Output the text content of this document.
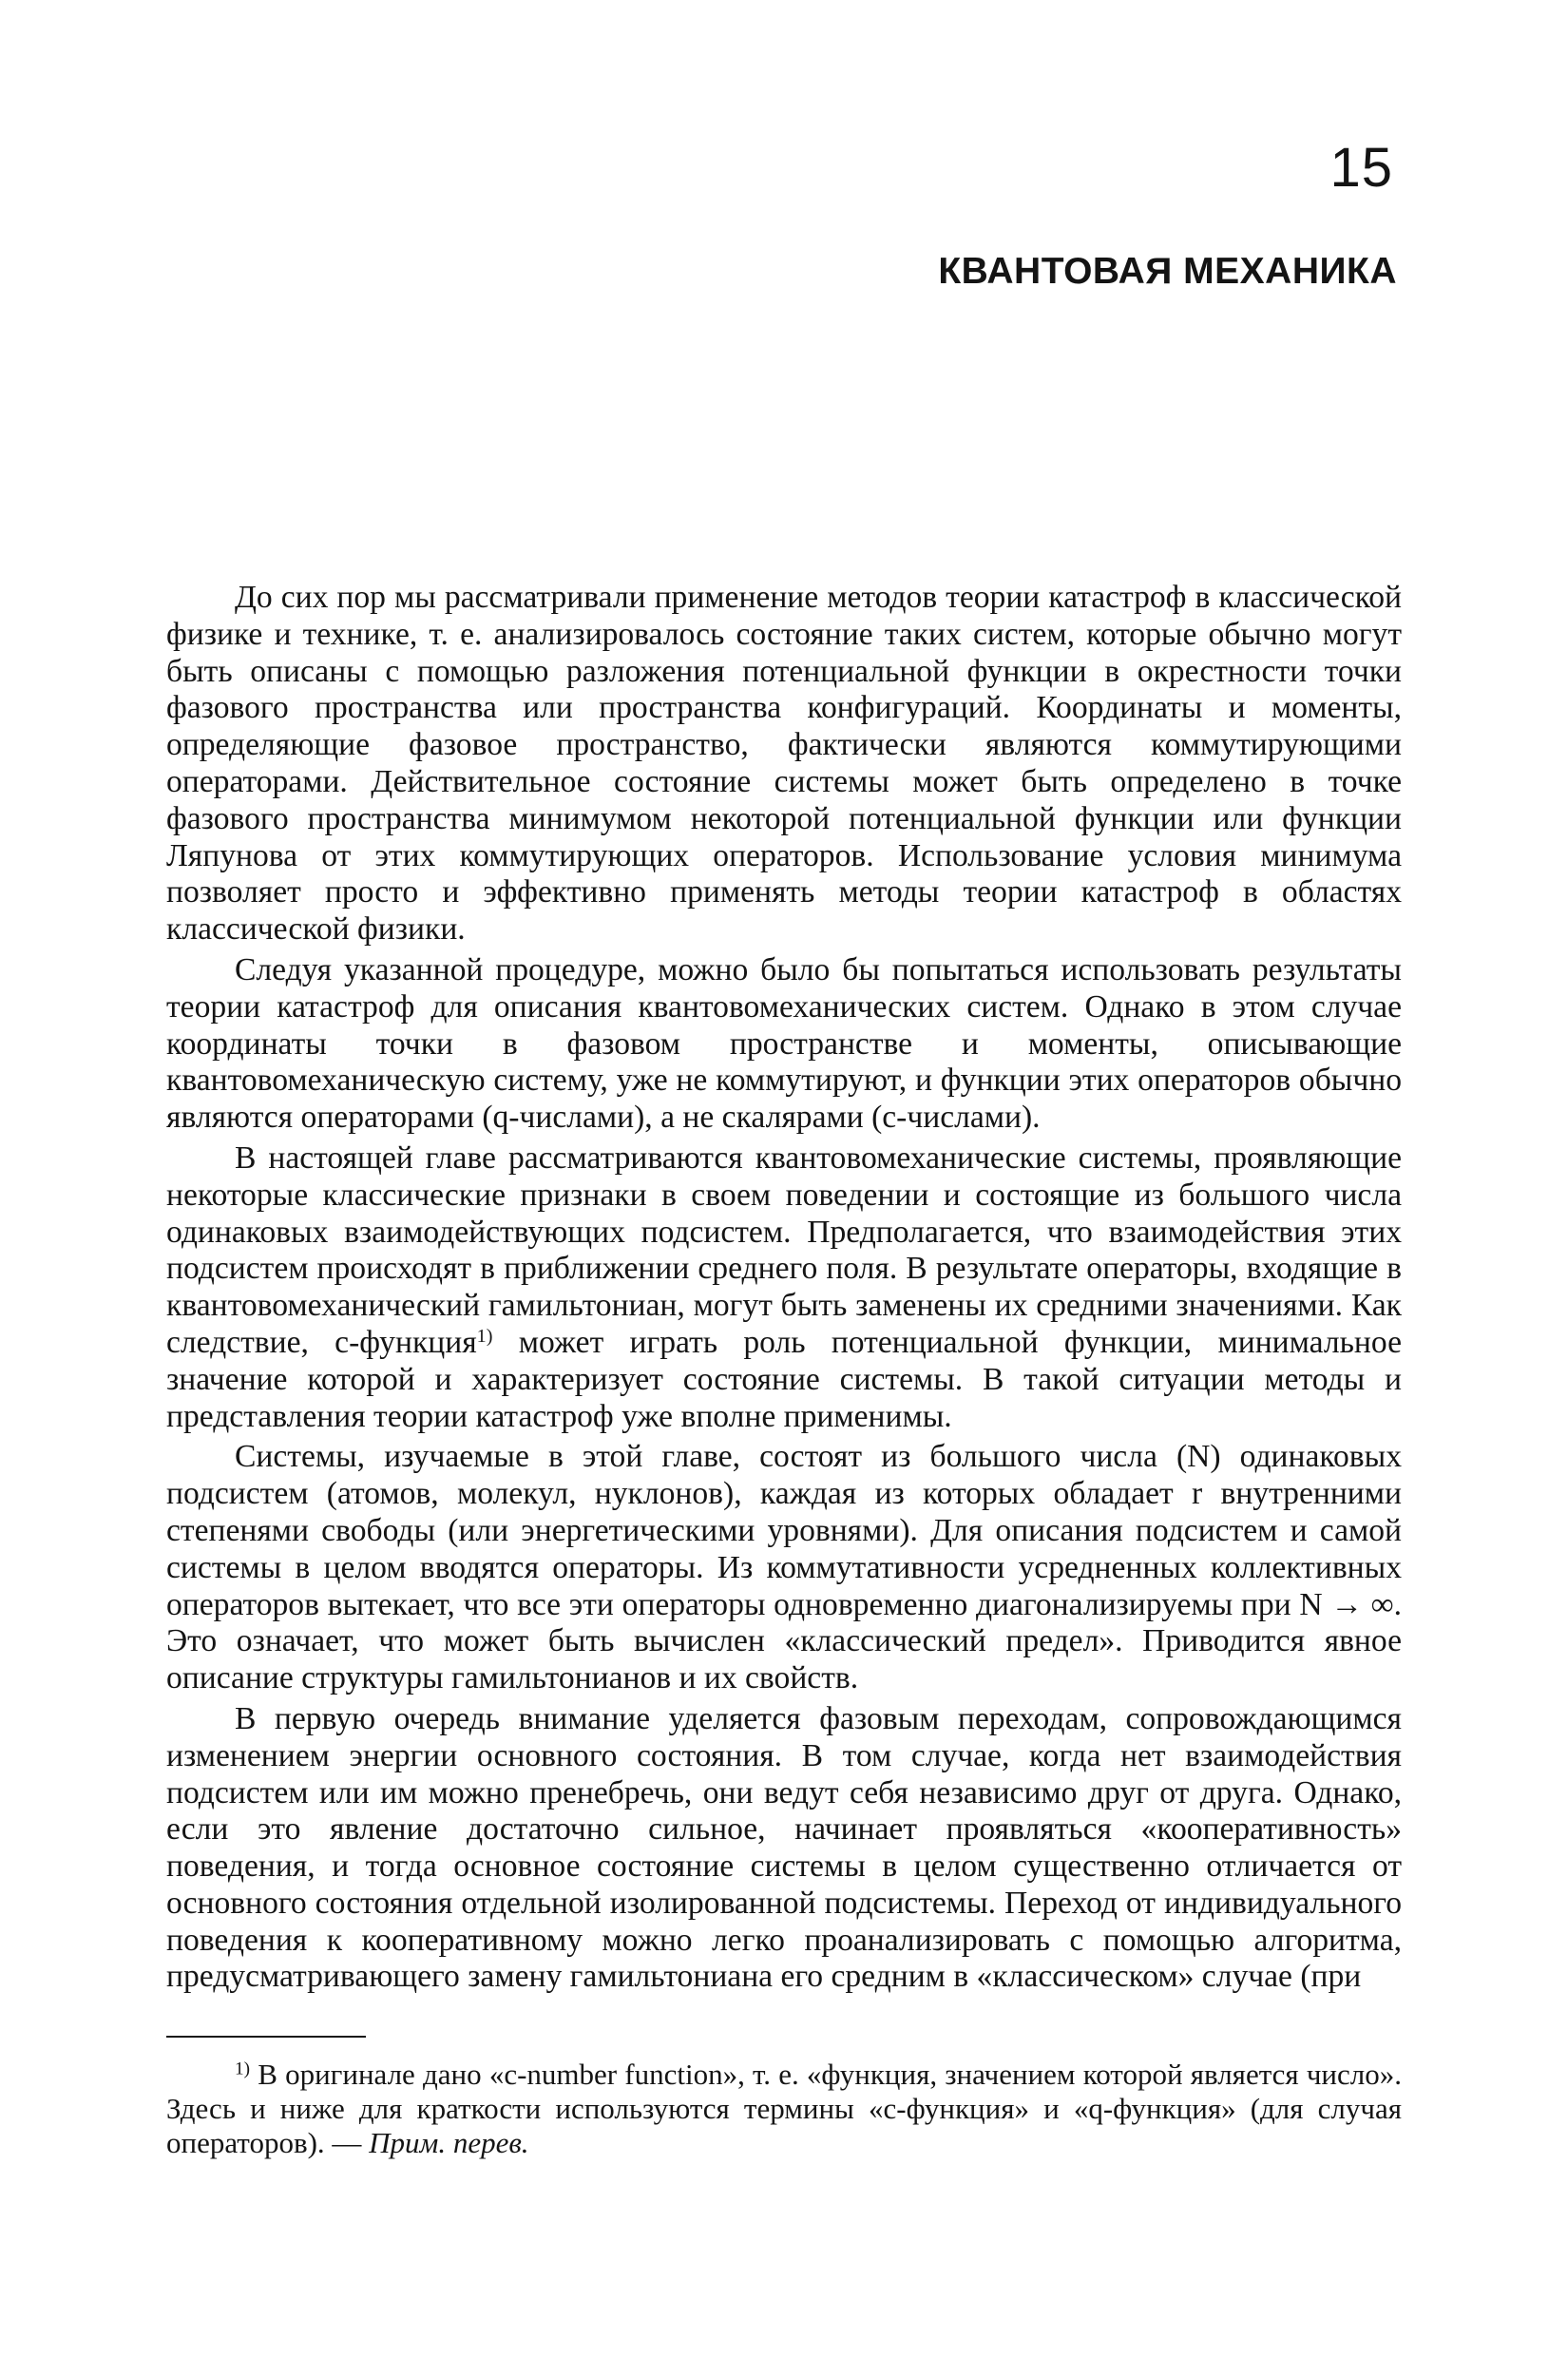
15
КВАНТОВАЯ МЕХАНИКА

До сих пор мы рассматривали применение методов теории катастроф в классической физике и технике, т. е. анализировалось состояние таких систем, которые обычно могут быть описаны с помощью разложения потенциальной функции в окрестности точки фазового пространства или пространства конфигураций. Координаты и моменты, определяющие фазовое пространство, фактически являются коммутирующими операторами. Действительное состояние системы может быть определено в точке фазового пространства минимумом некоторой потенциальной функции или функции Ляпунова от этих коммутирующих операторов. Использование условия минимума позволяет просто и эффективно применять методы теории катастроф в областях классической физики.

Следуя указанной процедуре, можно было бы попытаться использовать результаты теории катастроф для описания квантовомеханических систем. Однако в этом случае координаты точки в фазовом пространстве и моменты, описывающие квантовомеханическую систему, уже не коммутируют, и функции этих операторов обычно являются операторами (q-числами), а не скалярами (c-числами).

В настоящей главе рассматриваются квантовомеханические системы, проявляющие некоторые классические признаки в своем поведении и состоящие из большого числа одинаковых взаимодействующих подсистем. Предполагается, что взаимодействия этих подсистем происходят в приближении среднего поля. В результате операторы, входящие в квантовомеханический гамильтониан, могут быть заменены их средними значениями. Как следствие, c-функция$^{1)}$ может играть роль потенциальной функции, минимальное значение которой и характеризует состояние системы. В такой ситуации методы и представления теории катастроф уже вполне применимы.

Системы, изучаемые в этой главе, состоят из большого числа (N) одинаковых подсистем (атомов, молекул, нуклонов), каждая из которых обладает r внутренними степенями свободы (или энергетическими уровнями). Для описания подсистем и самой системы в целом вводятся операторы. Из коммутативности усредненных коллективных операторов вытекает, что все эти операторы одновременно диагонализируемы при N → ∞. Это означает, что может быть вычислен «классический предел». Приводится явное описание структуры гамильтонианов и их свойств.

В первую очередь внимание уделяется фазовым переходам, сопровождающимся изменением энергии основного состояния. В том случае, когда нет взаимодействия подсистем или им можно пренебречь, они ведут себя независимо друг от друга. Однако, если это явление достаточно сильное, начинает проявляться «кооперативность» поведения, и тогда основное состояние системы в целом существенно отличается от основного состояния отдельной изолированной подсистемы. Переход от индивидуального поведения к кооперативному можно легко проанализировать с помощью алгоритма, предусматривающего замену гамильтониана его средним в «классическом» случае (при

$^{1)}$ В оригинале дано «c-number function», т. е. «функция, значением которой является число». Здесь и ниже для краткости используются термины «c-функция» и «q-функция» (для случая операторов). — Прим. перев.
